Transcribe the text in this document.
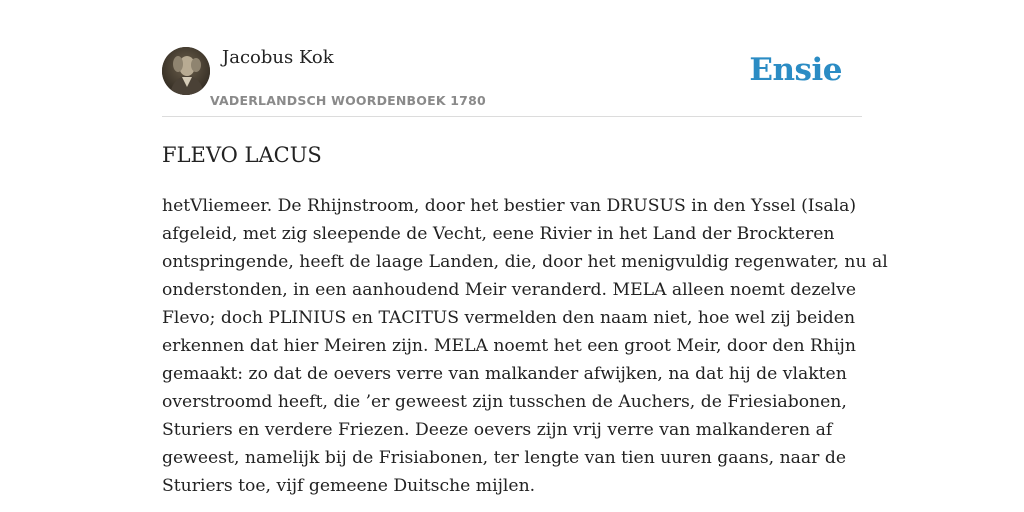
Jacobus Kok
VADERLANDSCH WOORDENBOEK 1780
Ensie
FLEVO LACUS
hetVliemeer. De Rhijnstroom, door het bestier van DRUSUS in den Yssel (Isala)
afgeleid, met zig sleepende de Vecht, eene Rivier in het Land der Brockteren
ontspringende, heeft de laage Landen, die, door het menigvuldig regenwater, nu al
onderstonden, in een aanhoudend Meir veranderd. MELA alleen noemt dezelve
Flevo; doch PLINIUS en TACITUS vermelden den naam niet, hoe wel zij beiden
erkennen dat hier Meiren zijn. MELA noemt het een groot Meir, door den Rhijn
gemaakt: zo dat de oevers verre van malkander afwijken, na dat hij de vlakten
overstroomd heeft, die ’er geweest zijn tusschen de Auchers, de Friesiabonen,
Sturiers en verdere Friezen. Deeze oevers zijn vrij verre van malkanderen af
geweest, namelijk bij de Frisiabonen, ter lengte van tien uuren gaans, naar de
Sturiers toe, vijf gemeene Duitsche mijlen.
